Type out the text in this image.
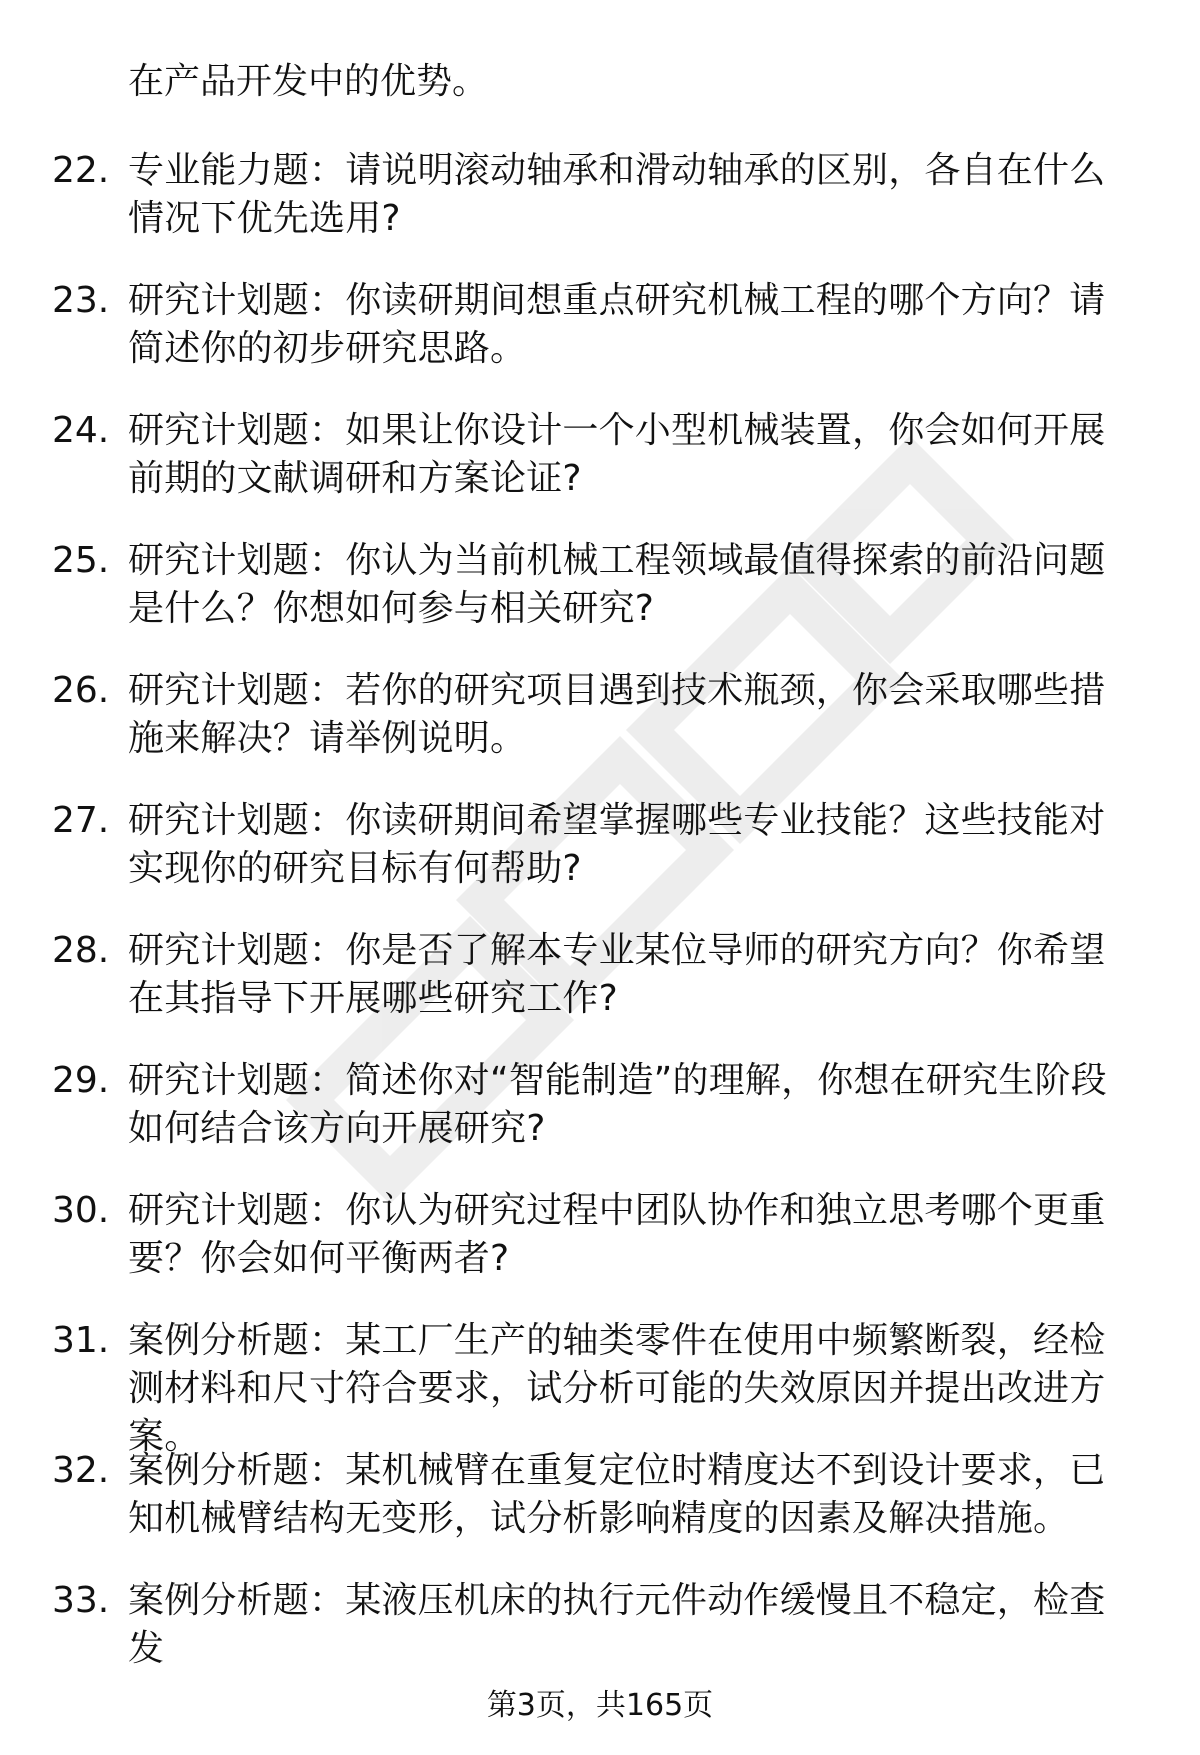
在产品开发中的优势。
22. 专业能力题：请说明滚动轴承和滑动轴承的区别，各自在什么情况下优先选用?
23. 研究计划题：你读研期间想重点研究机械工程的哪个方向？请简述你的初步研究思路。
24. 研究计划题：如果让你设计一个小型机械装置，你会如何开展前期的文献调研和方案论证?
25. 研究计划题：你认为当前机械工程领域最值得探索的前沿问题是什么？你想如何参与相关研究?
26. 研究计划题：若你的研究项目遇到技术瓶颈，你会采取哪些措施来解决？请举例说明。
27. 研究计划题：你读研期间希望掌握哪些专业技能？这些技能对实现你的研究目标有何帮助?
28. 研究计划题：你是否了解本专业某位导师的研究方向？你希望在其指导下开展哪些研究工作?
29. 研究计划题：简述你对“智能制造”的理解，你想在研究生阶段如何结合该方向开展研究?
30. 研究计划题：你认为研究过程中团队协作和独立思考哪个更重要？你会如何平衡两者?
31. 案例分析题：某工厂生产的轴类零件在使用中频繁断裂，经检测材料和尺寸符合要求，试分析可能的失效原因并提出改进方案。
32. 案例分析题：某机械臂在重复定位时精度达不到设计要求，已知机械臂结构无变形，试分析影响精度的因素及解决措施。
33. 案例分析题：某液压机床的执行元件动作缓慢且不稳定，检查发
第3页，共165页
